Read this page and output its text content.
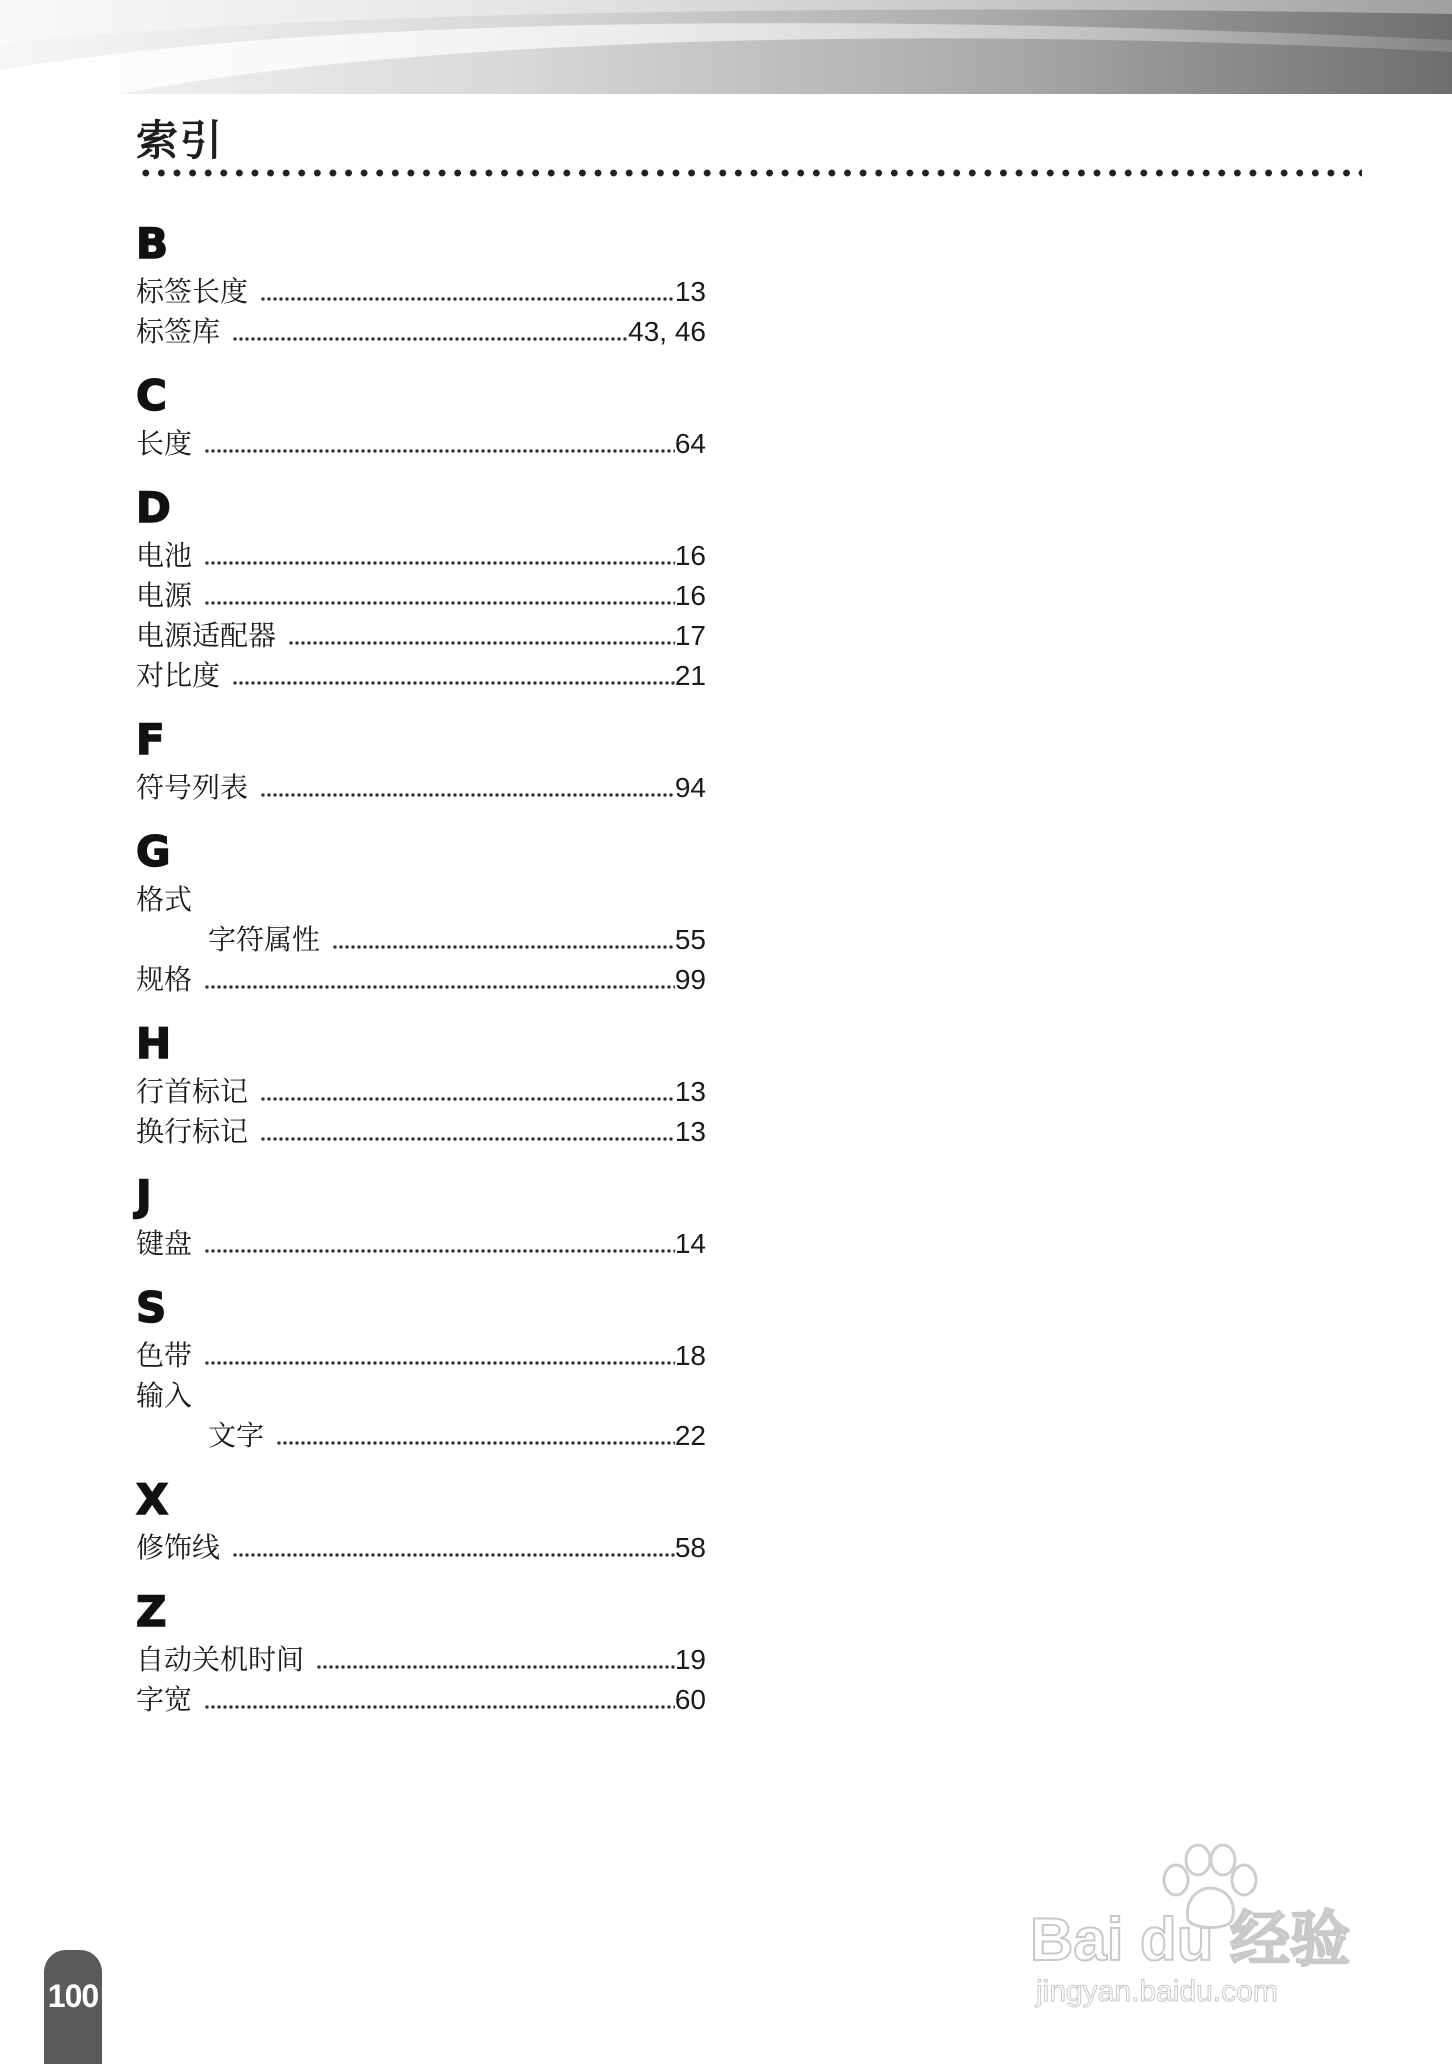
索引
B
标签长度	13
标签库	43, 46
C
长度	64
D
电池	16
电源	16
电源适配器	17
对比度	21
F
符号列表	94
G
格式
字符属性	55
规格	99
H
行首标记	13
换行标记	13
J
键盘	14
S
色带	18
输入
文字	22
X
修饰线	58
Z
自动关机时间	19
字宽	60
100
Bai du 经验
jingyan.baidu.com
